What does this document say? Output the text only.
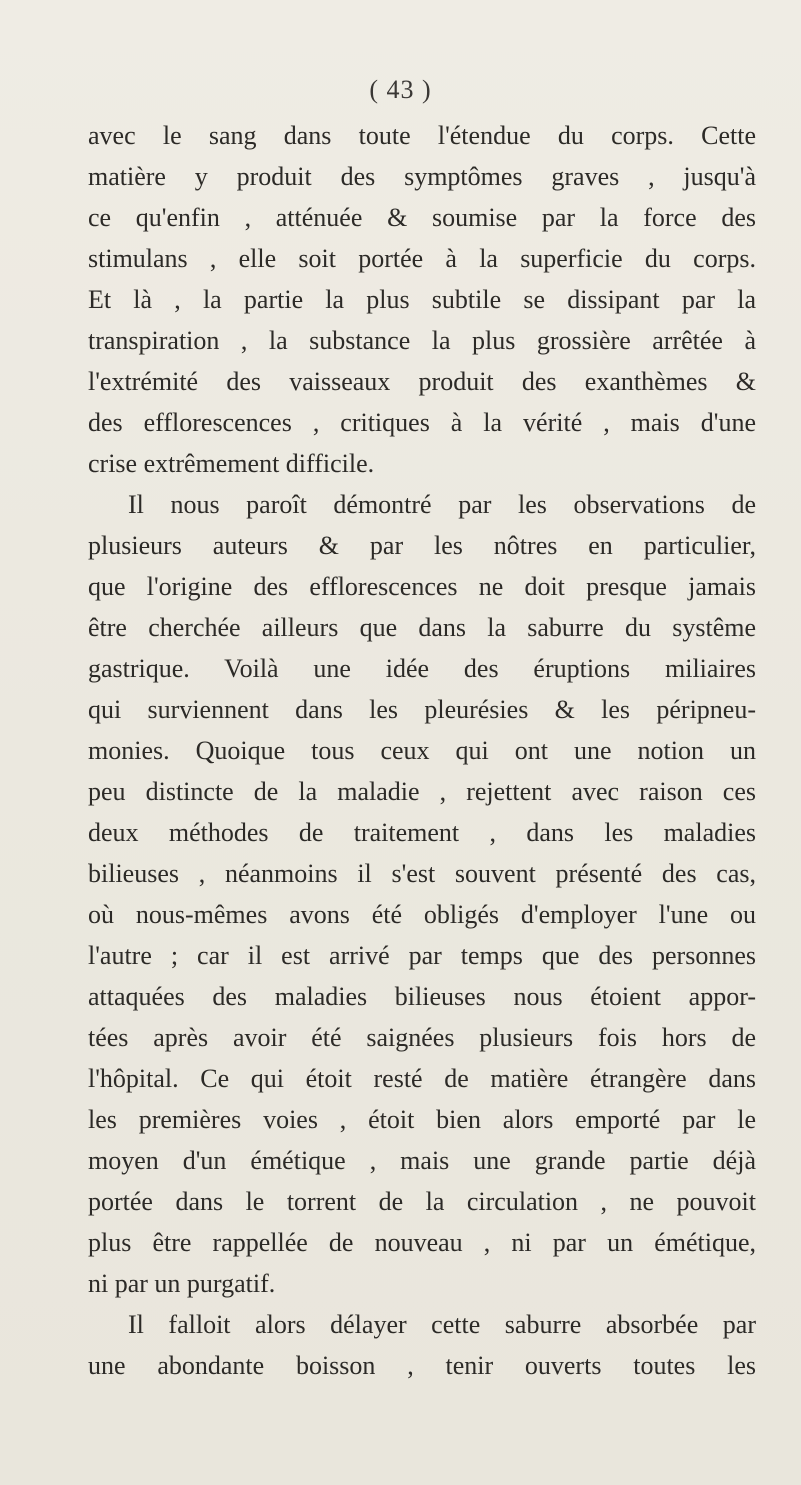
( 43 )
avec le sang dans toute l'étendue du corps. Cette
matière y produit des symptômes graves , jusqu'à
ce qu'enfin , atténuée & soumise par la force des
stimulans , elle soit portée à la superficie du corps.
Et là , la partie la plus subtile se dissipant par la
transpiration , la substance la plus grossière arrêtée à
l'extrémité des vaisseaux produit des exanthèmes &
des efflorescences , critiques à la vérité , mais d'une
crise extrêmement difficile.
Il nous paroît démontré par les observations de
plusieurs auteurs & par les nôtres en particulier,
que l'origine des efflorescences ne doit presque jamais
être cherchée ailleurs que dans la saburre du systême
gastrique. Voilà une idée des éruptions miliaires
qui surviennent dans les pleurésies & les péripneu-
monies. Quoique tous ceux qui ont une notion un
peu distincte de la maladie , rejettent avec raison ces
deux méthodes de traitement , dans les maladies
bilieuses , néanmoins il s'est souvent présenté des cas,
où nous-mêmes avons été obligés d'employer l'une ou
l'autre ; car il est arrivé par temps que des personnes
attaquées des maladies bilieuses nous étoient appor-
tées après avoir été saignées plusieurs fois hors de
l'hôpital. Ce qui étoit resté de matière étrangère dans
les premières voies , étoit bien alors emporté par le
moyen d'un émétique , mais une grande partie déjà
portée dans le torrent de la circulation , ne pouvoit
plus être rappellée de nouveau , ni par un émétique,
ni par un purgatif.
Il falloit alors délayer cette saburre absorbée par
une abondante boisson , tenir ouverts toutes les
